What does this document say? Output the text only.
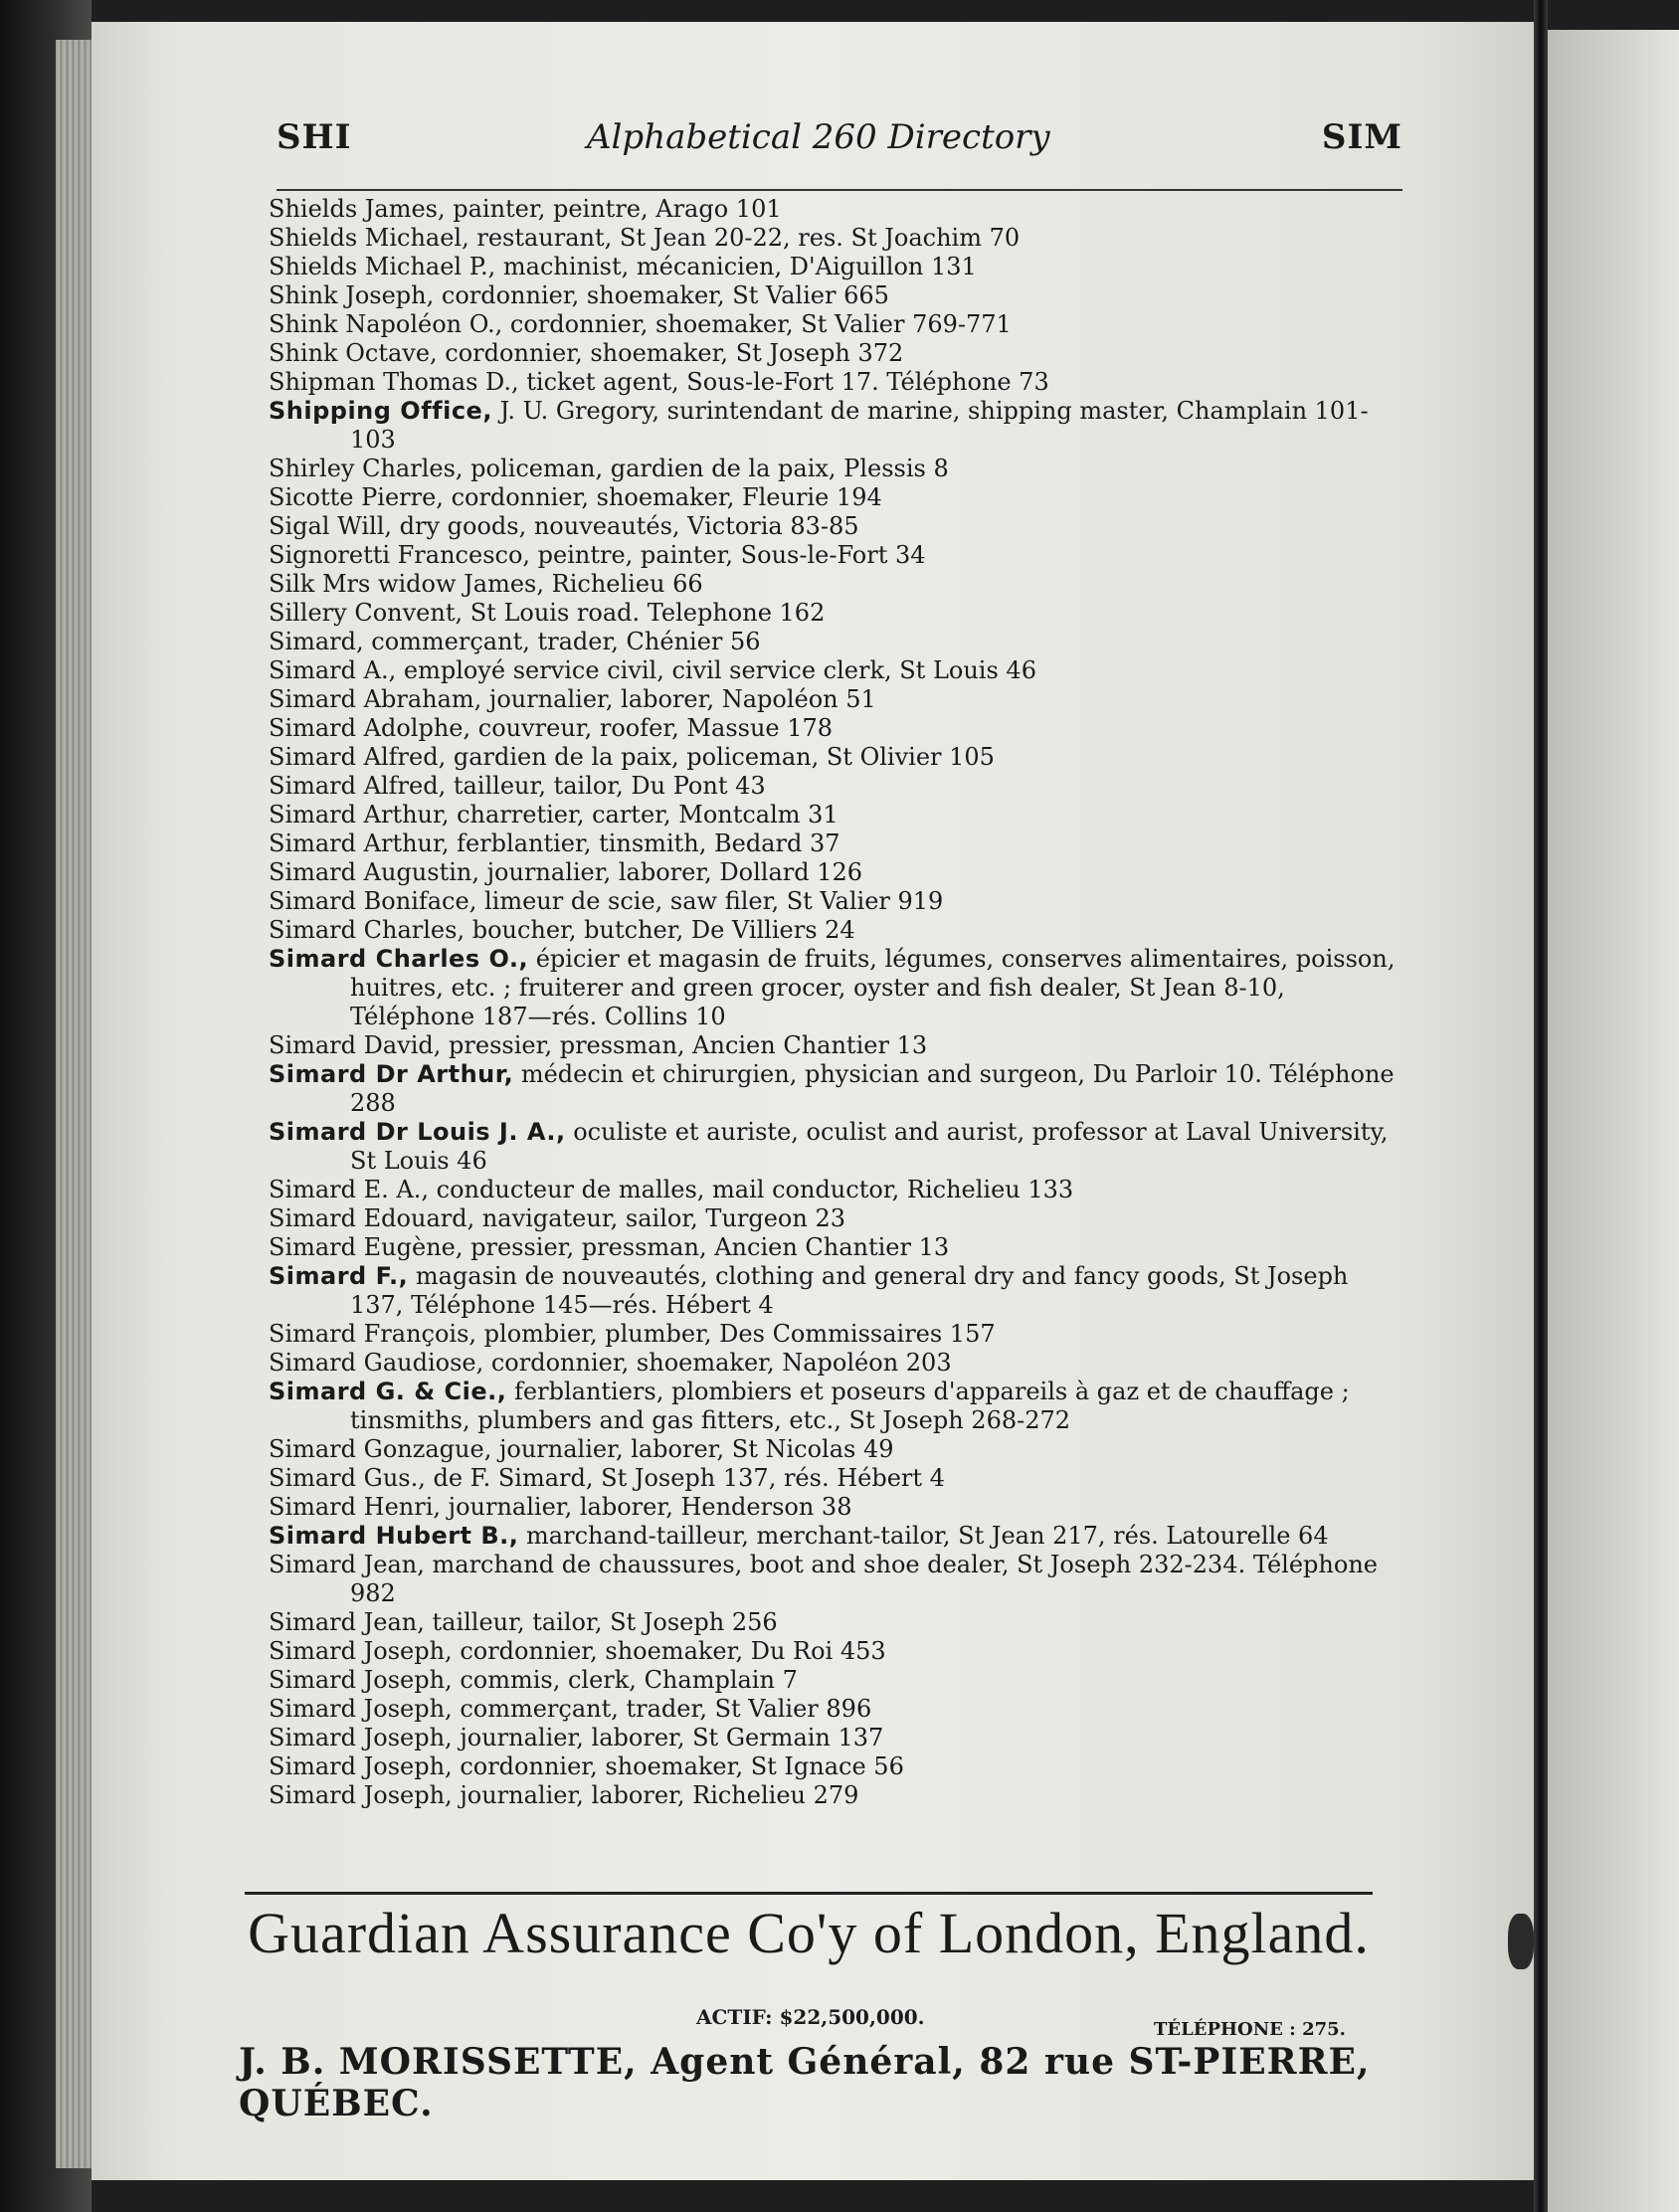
SHI	Alphabetical 260 Directory	SIM
Shields James, painter, peintre, Arago 101
Shields Michael, restaurant, St Jean 20-22, res. St Joachim 70
Shields Michael P., machinist, mécanicien, D'Aiguillon 131
Shink Joseph, cordonnier, shoemaker, St Valier 665
Shink Napoléon O., cordonnier, shoemaker, St Valier 769-771
Shink Octave, cordonnier, shoemaker, St Joseph 372
Shipman Thomas D., ticket agent, Sous-le-Fort 17. Téléphone 73
Shipping Office, J. U. Gregory, surintendant de marine, shipping master, Champlain 101-103
Shirley Charles, policeman, gardien de la paix, Plessis 8
Sicotte Pierre, cordonnier, shoemaker, Fleurie 194
Sigal Will, dry goods, nouveautés, Victoria 83-85
Signoretti Francesco, peintre, painter, Sous-le-Fort 34
Silk Mrs widow James, Richelieu 66
Sillery Convent, St Louis road. Telephone 162
Simard, commerçant, trader, Chénier 56
Simard A., employé service civil, civil service clerk, St Louis 46
Simard Abraham, journalier, laborer, Napoléon 51
Simard Adolphe, couvreur, roofer, Massue 178
Simard Alfred, gardien de la paix, policeman, St Olivier 105
Simard Alfred, tailleur, tailor, Du Pont 43
Simard Arthur, charretier, carter, Montcalm 31
Simard Arthur, ferblantier, tinsmith, Bedard 37
Simard Augustin, journalier, laborer, Dollard 126
Simard Boniface, limeur de scie, saw filer, St Valier 919
Simard Charles, boucher, butcher, De Villiers 24
Simard Charles O., épicier et magasin de fruits, légumes, conserves alimentaires, poisson, huitres, etc. ; fruiterer and green grocer, oyster and fish dealer, St Jean 8-10, Téléphone 187—rés. Collins 10
Simard David, pressier, pressman, Ancien Chantier 13
Simard Dr Arthur, médecin et chirurgien, physician and surgeon, Du Parloir 10. Téléphone 288
Simard Dr Louis J. A., oculiste et auriste, oculist and aurist, professor at Laval University, St Louis 46
Simard E. A., conducteur de malles, mail conductor, Richelieu 133
Simard Edouard, navigateur, sailor, Turgeon 23
Simard Eugène, pressier, pressman, Ancien Chantier 13
Simard F., magasin de nouveautés, clothing and general dry and fancy goods, St Joseph 137, Téléphone 145—rés. Hébert 4
Simard François, plombier, plumber, Des Commissaires 157
Simard Gaudiose, cordonnier, shoemaker, Napoléon 203
Simard G. & Cie., ferblantiers, plombiers et poseurs d'appareils à gaz et de chauffage ; tinsmiths, plumbers and gas fitters, etc., St Joseph 268-272
Simard Gonzague, journalier, laborer, St Nicolas 49
Simard Gus., de F. Simard, St Joseph 137, rés. Hébert 4
Simard Henri, journalier, laborer, Henderson 38
Simard Hubert B., marchand-tailleur, merchant-tailor, St Jean 217, rés. Latourelle 64
Simard Jean, marchand de chaussures, boot and shoe dealer, St Joseph 232-234. Téléphone 982
Simard Jean, tailleur, tailor, St Joseph 256
Simard Joseph, cordonnier, shoemaker, Du Roi 453
Simard Joseph, commis, clerk, Champlain 7
Simard Joseph, commerçant, trader, St Valier 896
Simard Joseph, journalier, laborer, St Germain 137
Simard Joseph, cordonnier, shoemaker, St Ignace 56
Simard Joseph, journalier, laborer, Richelieu 279
Guardian Assurance Co'y of London, England.
ACTIF: $22,500,000.
TÉLÉPHONE : 275.
J. B. MORISSETTE, Agent Général, 82 rue ST-PIERRE, QUÉBEC.
